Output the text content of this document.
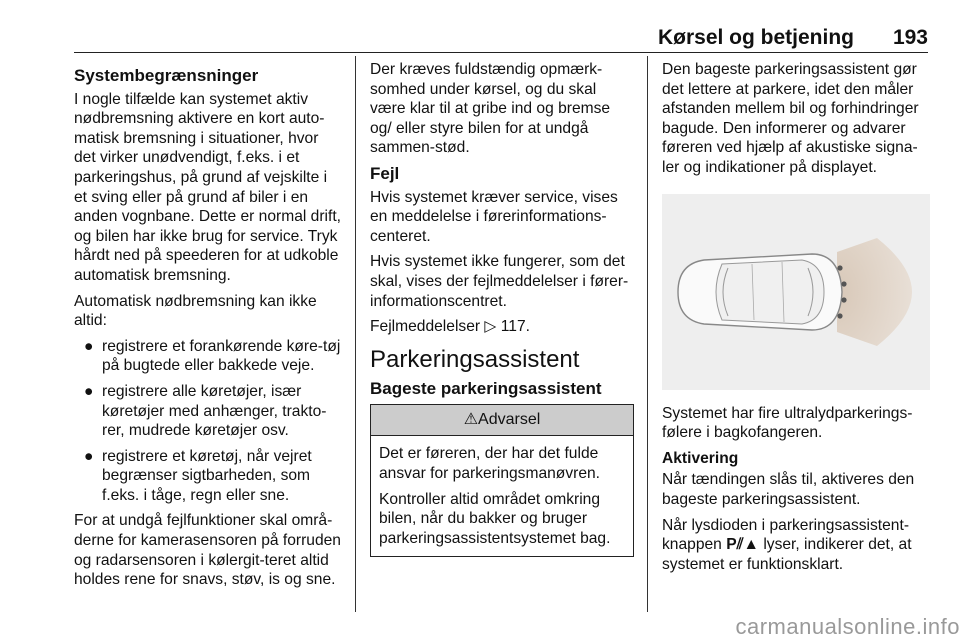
Kørsel og betjening 193
Systembegrænsninger

I nogle tilfælde kan systemet aktiv nødbremsning aktivere en kort auto-matisk bremsning i situationer, hvor det virker unødvendigt, f.eks. i et parkeringshus, på grund af vejskilte i et sving eller på grund af biler i en anden vognbane. Dette er normal drift, og bilen har ikke brug for service. Tryk hårdt ned på speederen for at udkoble automatisk bremsning.

Automatisk nødbremsning kan ikke altid:

● registrere et forankørende køre-tøj på bugtede eller bakkede veje.
● registrere alle køretøjer, især køretøjer med anhænger, trakto-rer, mudrede køretøjer osv.
● registrere et køretøj, når vejret begrænser sigtbarheden, som f.eks. i tåge, regn eller sne.

For at undgå fejlfunktioner skal områ-derne for kamerasensoren på forruden og radarsensoren i kølergit-teret altid holdes rene for snavs, støv, is og sne.

Der kræves fuldstændig opmærk-somhed under kørsel, og du skal være klar til at gribe ind og bremse og/ eller styre bilen for at undgå sammen-stød.

Fejl

Hvis systemet kræver service, vises en meddelelse i førerinformations-centeret.

Hvis systemet ikke fungerer, som det skal, vises der fejlmeddelelser i fører-informationscentret.

Fejlmeddelelser ▷ 117.

Parkeringsassistent
Bageste parkeringsassistent
⚠Advarsel

Det er føreren, der har det fulde ansvar for parkeringsmanøvren.

Kontroller altid området omkring bilen, når du bakker og bruger parkeringsassistentsystemet bag.

Den bageste parkeringsassistent gør det lettere at parkere, idet den måler afstanden mellem bil og forhindringer bagude. Den informerer og advarer føreren ved hjælp af akustiske signa-ler og indikationer på displayet.

Systemet har fire ultralydparkerings-følere i bagkofangeren.

Aktivering

Når tændingen slås til, aktiveres den bageste parkeringsassistent.

Når lysdioden i parkeringsassistent-knappen P⫽▲ lyser, indikerer det, at systemet er funktionsklart.

carmanualsonline.info
